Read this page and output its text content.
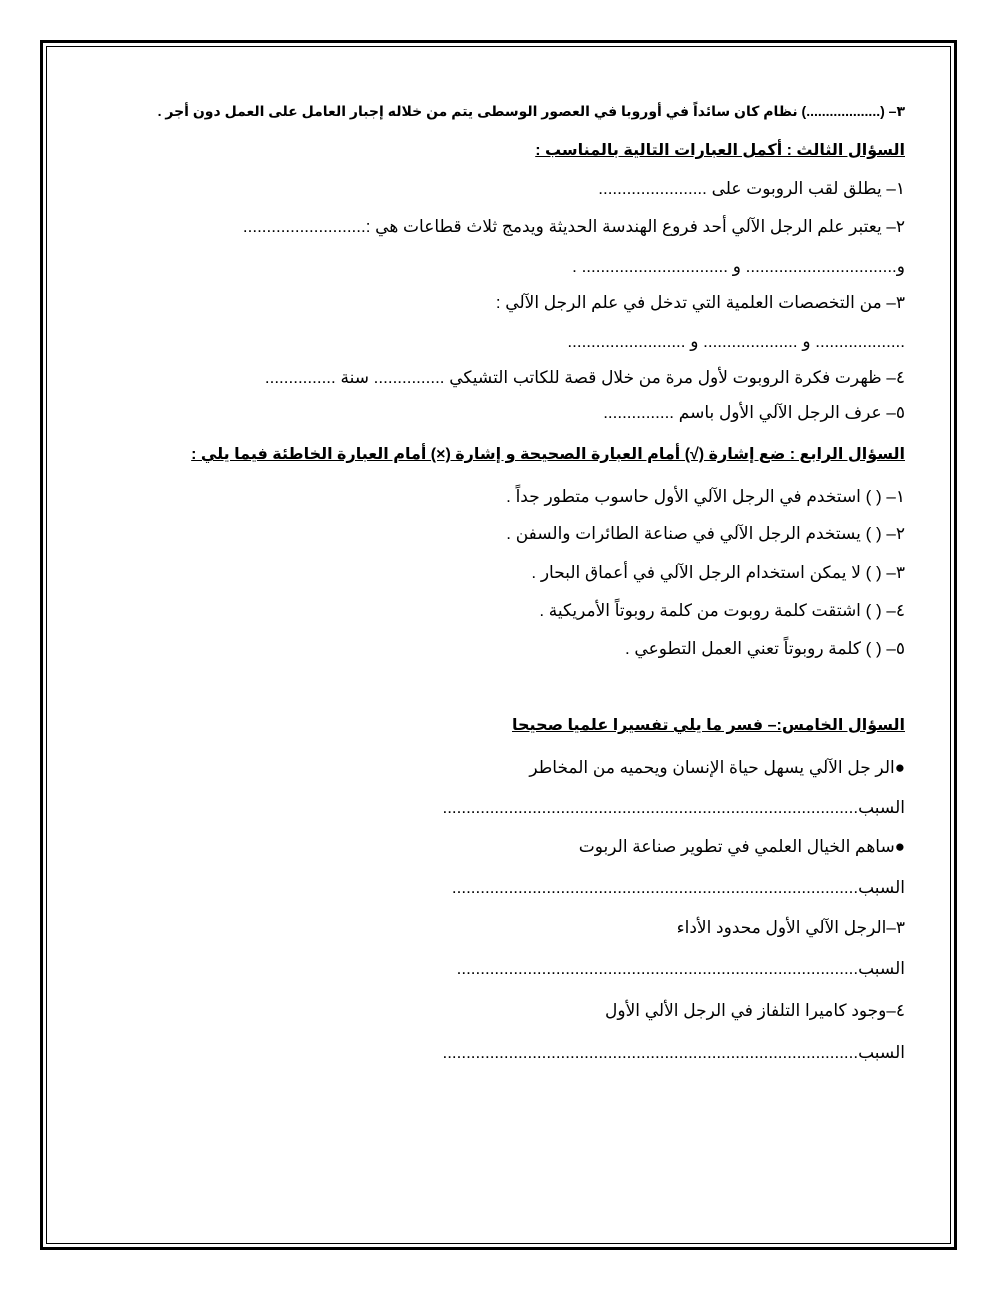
٣– (...................) نظام كان سائداً في أوروبا في العصور الوسطى يتم من خلاله إجبار العامل على العمل دون أجر .
السؤال الثالث : أكمل العبارات التالية بالمناسب :
١– يطلق لقب الروبوت على .......................
٢– يعتبر علم الرجل الآلي أحد فروع الهندسة الحديثة ويدمج ثلاث قطاعات هي :..........................
و................................ و ............................... .
٣– من التخصصات العلمية التي تدخل في علم الرجل الآلي :
................... و .................... و .........................
٤– ظهرت فكرة الروبوت لأول مرة من خلال قصة للكاتب التشيكي ............... سنة ...............
٥– عرف الرجل الآلي الأول باسم ...............
السؤال الرابع : ضع إشارة (√) أمام العبارة الصحيحة و إشارة (×) أمام العبارة الخاطئة فيما يلي :
١– ( ) استخدم في الرجل الآلي الأول حاسوب متطور جداً .
٢– ( ) يستخدم الرجل الآلي في صناعة الطائرات والسفن .
٣– ( ) لا يمكن استخدام الرجل الآلي في أعماق البحار .
٤– ( ) اشتقت كلمة روبوت من كلمة روبوتاً الأمريكية .
٥– ( ) كلمة روبوتاً تعني العمل التطوعي .
السؤال الخامس:– فسر ما يلي تفسيرا علميا صحيحا
●الر جل الآلي يسهل حياة الإنسان ويحميه من المخاطر
السبب........................................................................................
●ساهم الخيال العلمي في تطوير صناعة الربوت
السبب......................................................................................
٣–الرجل الآلي الأول محدود الأداء
السبب.....................................................................................
٤–وجود كاميرا التلفاز في الرجل الألي الأول
السبب........................................................................................
